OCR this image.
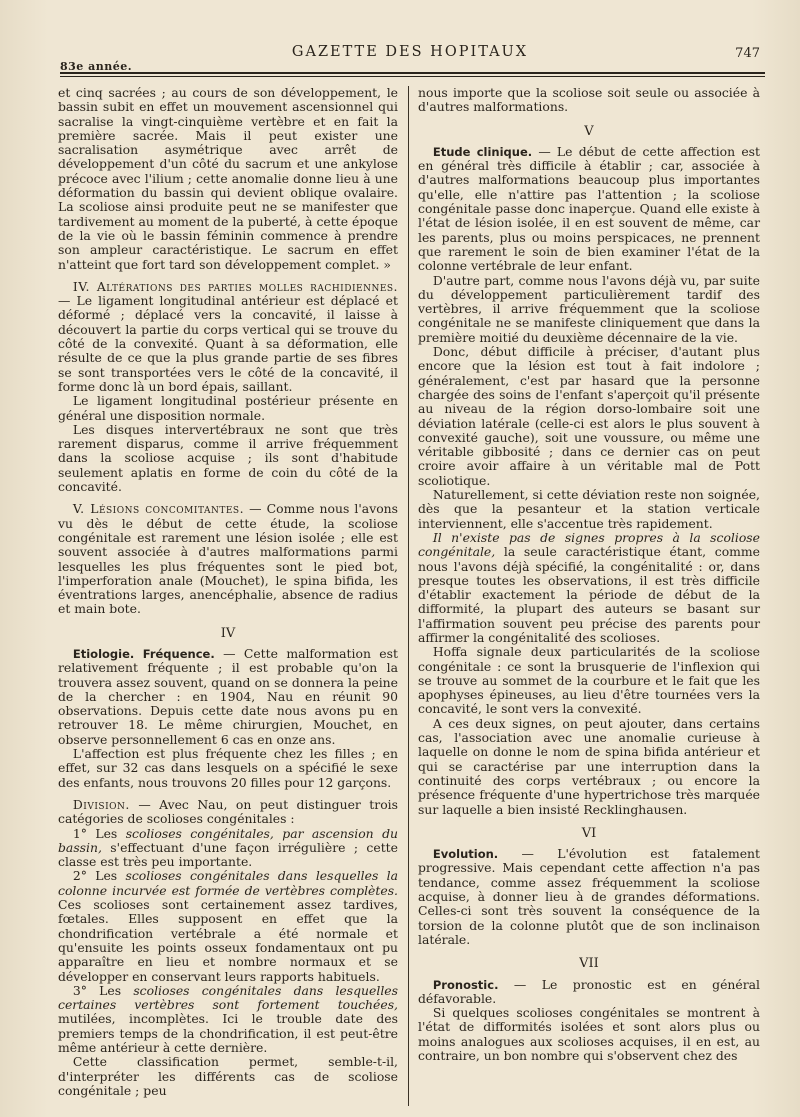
83e année.
GAZETTE DES HOPITAUX	747

et cinq sacrées ; au cours de son développement, le bassin subit en effet un mouvement ascensionnel qui sacralise la vingt-cinquième vertèbre et en fait la première sacrée. Mais il peut exister une sacralisation asymétrique avec arrêt de développement d'un côté du sacrum et une ankylose précoce avec l'ilium ; cette anomalie donne lieu à une déformation du bassin qui devient oblique ovalaire. La scoliose ainsi produite peut ne se manifester que tardivement au moment de la puberté, à cette époque de la vie où le bassin féminin commence à prendre son ampleur caractéristique. Le sacrum en effet n'atteint que fort tard son développement complet. »

IV. Altérations des parties molles rachidiennes. — Le ligament longitudinal antérieur est déplacé et déformé ; déplacé vers la concavité, il laisse à découvert la partie du corps vertical qui se trouve du côté de la convexité. Quant à sa déformation, elle résulte de ce que la plus grande partie de ses fibres se sont transportées vers le côté de la concavité, il forme donc là un bord épais, saillant.

Le ligament longitudinal postérieur présente en général une disposition normale.

Les disques intervertébraux ne sont que très rarement disparus, comme il arrive fréquemment dans la scoliose acquise ; ils sont d'habitude seulement aplatis en forme de coin du côté de la concavité.

V. Lésions concomitantes. — Comme nous l'avons vu dès le début de cette étude, la scoliose congénitale est rarement une lésion isolée ; elle est souvent associée à d'autres malformations parmi lesquelles les plus fréquentes sont le pied bot, l'imperforation anale (Mouchet), le spina bifida, les éventrations larges, anencéphalie, absence de radius et main bote.

IV

Etiologie. Fréquence. — Cette malformation est relativement fréquente ; il est probable qu'on la trouvera assez souvent, quand on se donnera la peine de la chercher : en 1904, Nau en réunit 90 observations. Depuis cette date nous avons pu en retrouver 18. Le même chirurgien, Mouchet, en observe personnellement 6 cas en onze ans.

L'affection est plus fréquente chez les filles ; en effet, sur 32 cas dans lesquels on a spécifié le sexe des enfants, nous trouvons 20 filles pour 12 garçons.

Division. — Avec Nau, on peut distinguer trois catégories de scolioses congénitales :

1° Les scolioses congénitales, par ascension du bassin, s'effectuant d'une façon irrégulière ; cette classe est très peu importante.

2° Les scolioses congénitales dans lesquelles la colonne incurvée est formée de vertèbres complètes. Ces scolioses sont certainement assez tardives, fœtales. Elles supposent en effet que la chondrification vertébrale a été normale et qu'ensuite les points osseux fondamentaux ont pu apparaître en lieu et nombre normaux et se développer en conservant leurs rapports habituels.

3° Les scolioses congénitales dans lesquelles certaines vertèbres sont fortement touchées, mutilées, incomplètes. Ici le trouble date des premiers temps de la chondrification, il est peut-être même antérieur à cette dernière.

Cette classification permet, semble-t-il, d'interpréter les différents cas de scoliose congénitale ; peu

nous importe que la scoliose soit seule ou associée à d'autres malformations.

V

Etude clinique. — Le début de cette affection est en général très difficile à établir ; car, associée à d'autres malformations beaucoup plus importantes qu'elle, elle n'attire pas l'attention ; la scoliose congénitale passe donc inaperçue. Quand elle existe à l'état de lésion isolée, il en est souvent de même, car les parents, plus ou moins perspicaces, ne prennent que rarement le soin de bien examiner l'état de la colonne vertébrale de leur enfant.

D'autre part, comme nous l'avons déjà vu, par suite du développement particulièrement tardif des vertèbres, il arrive fréquemment que la scoliose congénitale ne se manifeste cliniquement que dans la première moitié du deuxième décennaire de la vie.

Donc, début difficile à préciser, d'autant plus encore que la lésion est tout à fait indolore ; généralement, c'est par hasard que la personne chargée des soins de l'enfant s'aperçoit qu'il présente au niveau de la région dorso-lombaire soit une déviation latérale (celle-ci est alors le plus souvent à convexité gauche), soit une voussure, ou même une véritable gibbosité ; dans ce dernier cas on peut croire avoir affaire à un véritable mal de Pott scoliotique.

Naturellement, si cette déviation reste non soignée, dès que la pesanteur et la station verticale interviennent, elle s'accentue très rapidement.

Il n'existe pas de signes propres à la scoliose congénitale, la seule caractéristique étant, comme nous l'avons déjà spécifié, la congénitalité : or, dans presque toutes les observations, il est très difficile d'établir exactement la période de début de la difformité, la plupart des auteurs se basant sur l'affirmation souvent peu précise des parents pour affirmer la congénitalité des scolioses.

Hoffa signale deux particularités de la scoliose congénitale : ce sont la brusquerie de l'inflexion qui se trouve au sommet de la courbure et le fait que les apophyses épineuses, au lieu d'être tournées vers la concavité, le sont vers la convexité.

A ces deux signes, on peut ajouter, dans certains cas, l'association avec une anomalie curieuse à laquelle on donne le nom de spina bifida antérieur et qui se caractérise par une interruption dans la continuité des corps vertébraux ; ou encore la présence fréquente d'une hypertrichose très marquée sur laquelle a bien insisté Recklinghausen.

VI

Evolution. — L'évolution est fatalement progressive. Mais cependant cette affection n'a pas tendance, comme assez fréquemment la scoliose acquise, à donner lieu à de grandes déformations. Celles-ci sont très souvent la conséquence de la torsion de la colonne plutôt que de son inclinaison latérale.

VII

Pronostic. — Le pronostic est en général défavorable.

Si quelques scolioses congénitales se montrent à l'état de difformités isolées et sont alors plus ou moins analogues aux scolioses acquises, il en est, au contraire, un bon nombre qui s'observent chez des
